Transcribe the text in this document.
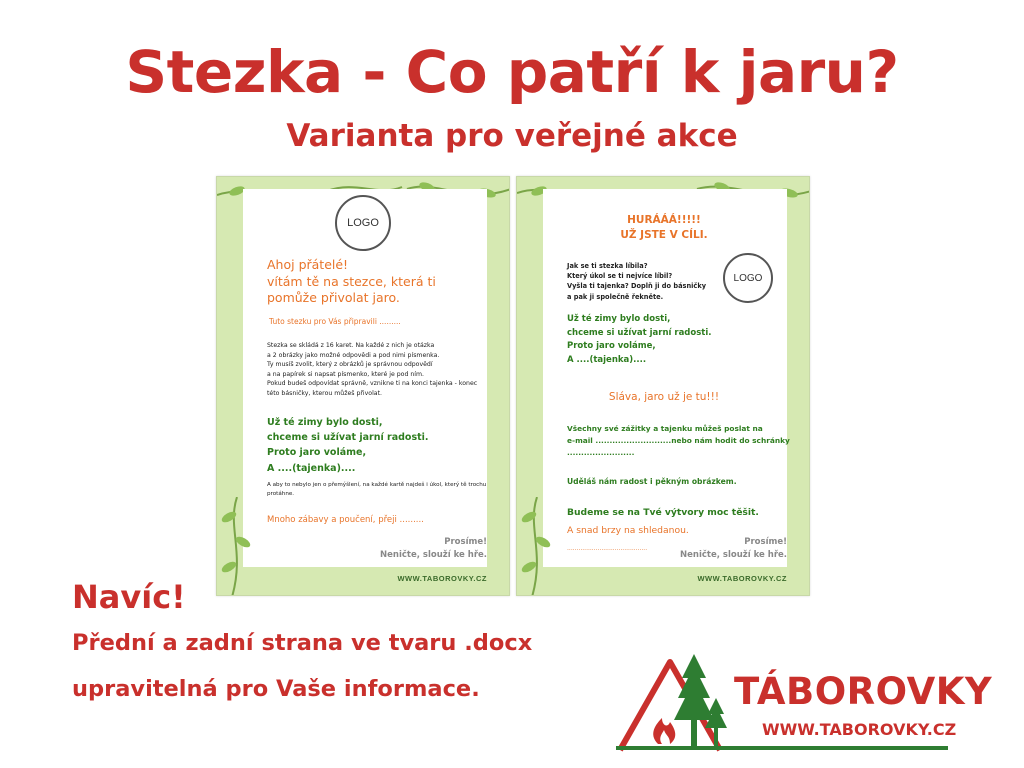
Stezka - Co patří k jaru?
Varianta pro veřejné akce
LOGO
Ahoj přátelé!
vítám tě na stezce, která ti
pomůže přivolat jaro.
Tuto stezku pro Vás připravili .........
Stezka se skládá z 16 karet. Na každé z nich je otázka
a 2 obrázky jako možné odpovědi a pod nimi písmenka.
Ty musíš zvolit, který z obrázků je správnou odpovědí
a na papírek si napsat písmenko, které je pod ním.
Pokud budeš odpovídat správně, vznikne ti na konci tajenka - konec
této básničky, kterou můžeš přivolat.
Už té zimy bylo dosti,
chceme si užívat jarní radosti.
Proto jaro voláme,
A ....(tajenka)....
A aby to nebylo jen o přemýšlení, na každé kartě najdeš i úkol, který tě trochu
protáhne.
Mnoho zábavy a poučení, přeji .........
Prosíme!
Neničte, slouží ke hře.
WWW.TABOROVKY.CZ
HURÁÁÁ!!!!!
UŽ JSTE V CÍLI.
LOGO
Jak se ti stezka líbila?
Který úkol se ti nejvíce líbil?
Vyšla ti tajenka? Doplň ji do básničky
a pak ji společně řekněte.
Už té zimy bylo dosti,
chceme si užívat jarní radosti.
Proto jaro voláme,
A ....(tajenka)....
Sláva, jaro už je tu!!!
Všechny své zážitky a tajenku můžeš poslat na
e-mail ...........................nebo nám hodit do schránky
........................
Uděláš nám radost i pěkným obrázkem.
Budeme se na Tvé výtvory moc těšit.
A snad brzy na shledanou.
..........................................
Prosíme!
Neničte, slouží ke hře.
WWW.TABOROVKY.CZ
Navíc!
Přední a zadní strana ve tvaru .docx
upravitelná pro Vaše informace.	TÁBOROVKY
WWW.TABOROVKY.CZ
